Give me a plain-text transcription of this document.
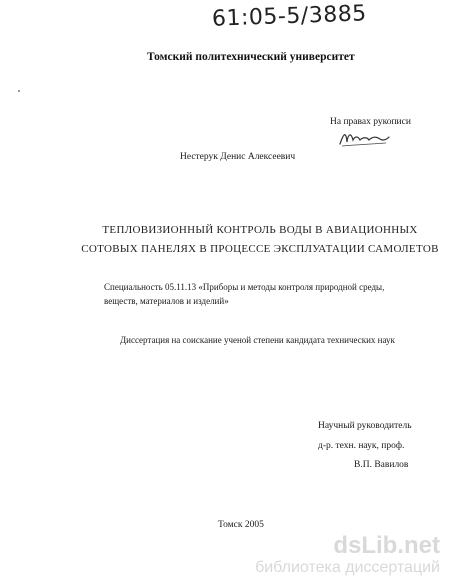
61:05-5/3885
Томский политехнический университет
На правах рукописи
Нестерук Денис Алексеевич
ТЕПЛОВИЗИОННЫЙ КОНТРОЛЬ ВОДЫ В АВИАЦИОННЫХ
СОТОВЫХ ПАНЕЛЯХ В ПРОЦЕССЕ ЭКСПЛУАТАЦИИ САМОЛЕТОВ
Специальность 05.11.13 «Приборы и методы контроля природной среды, веществ, материалов и изделий»
Диссертация на соискание ученой степени кандидата технических наук
Научный руководитель
д-р. техн. наук, проф.
В.П. Вавилов
Томск 2005
dsLib.net
библиотека диссертаций
